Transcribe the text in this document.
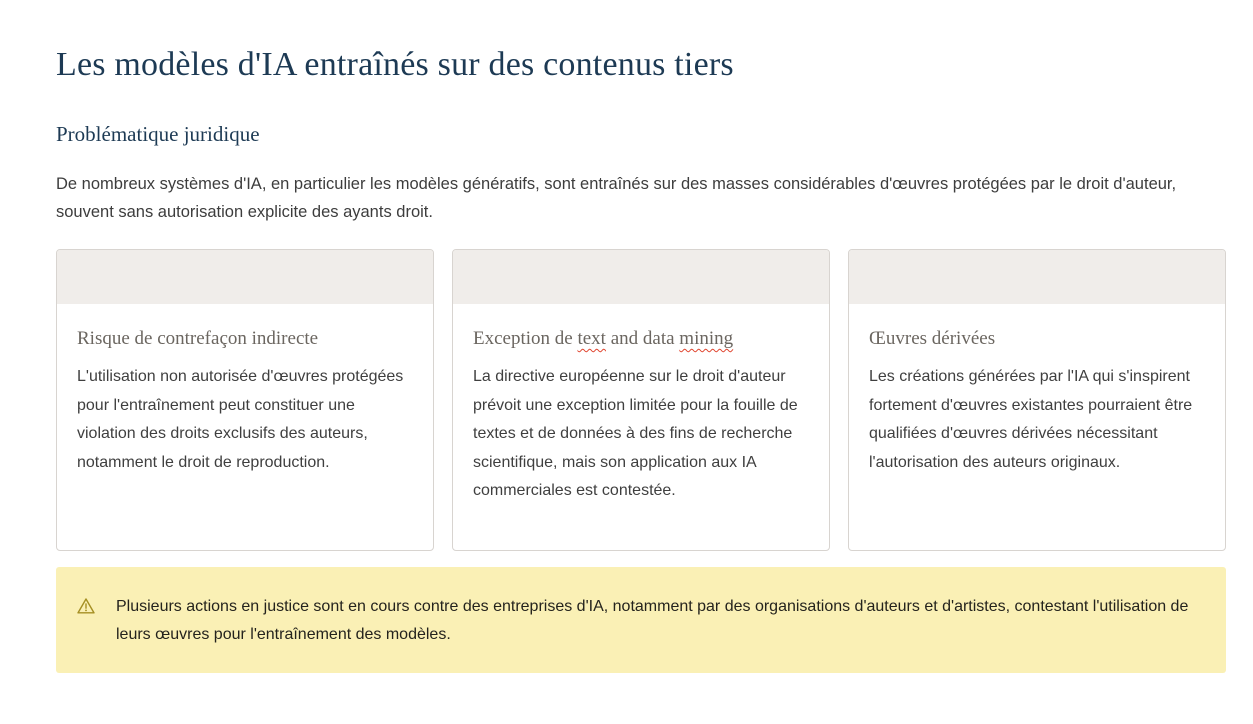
Les modèles d'IA entraînés sur des contenus tiers
Problématique juridique

De nombreux systèmes d'IA, en particulier les modèles génératifs, sont entraînés sur des masses considérables d'œuvres protégées par le droit d'auteur, souvent sans autorisation explicite des ayants droit.

Risque de contrefaçon indirecte

L'utilisation non autorisée d'œuvres protégées pour l'entraînement peut constituer une violation des droits exclusifs des auteurs, notamment le droit de reproduction.

Exception de text and data mining

La directive européenne sur le droit d'auteur prévoit une exception limitée pour la fouille de textes et de données à des fins de recherche scientifique, mais son application aux IA commerciales est contestée.

Œuvres dérivées

Les créations générées par l'IA qui s'inspirent fortement d'œuvres existantes pourraient être qualifiées d'œuvres dérivées nécessitant l'autorisation des auteurs originaux.

Plusieurs actions en justice sont en cours contre des entreprises d'IA, notamment par des organisations d'auteurs et d'artistes, contestant l'utilisation de leurs œuvres pour l'entraînement des modèles.
